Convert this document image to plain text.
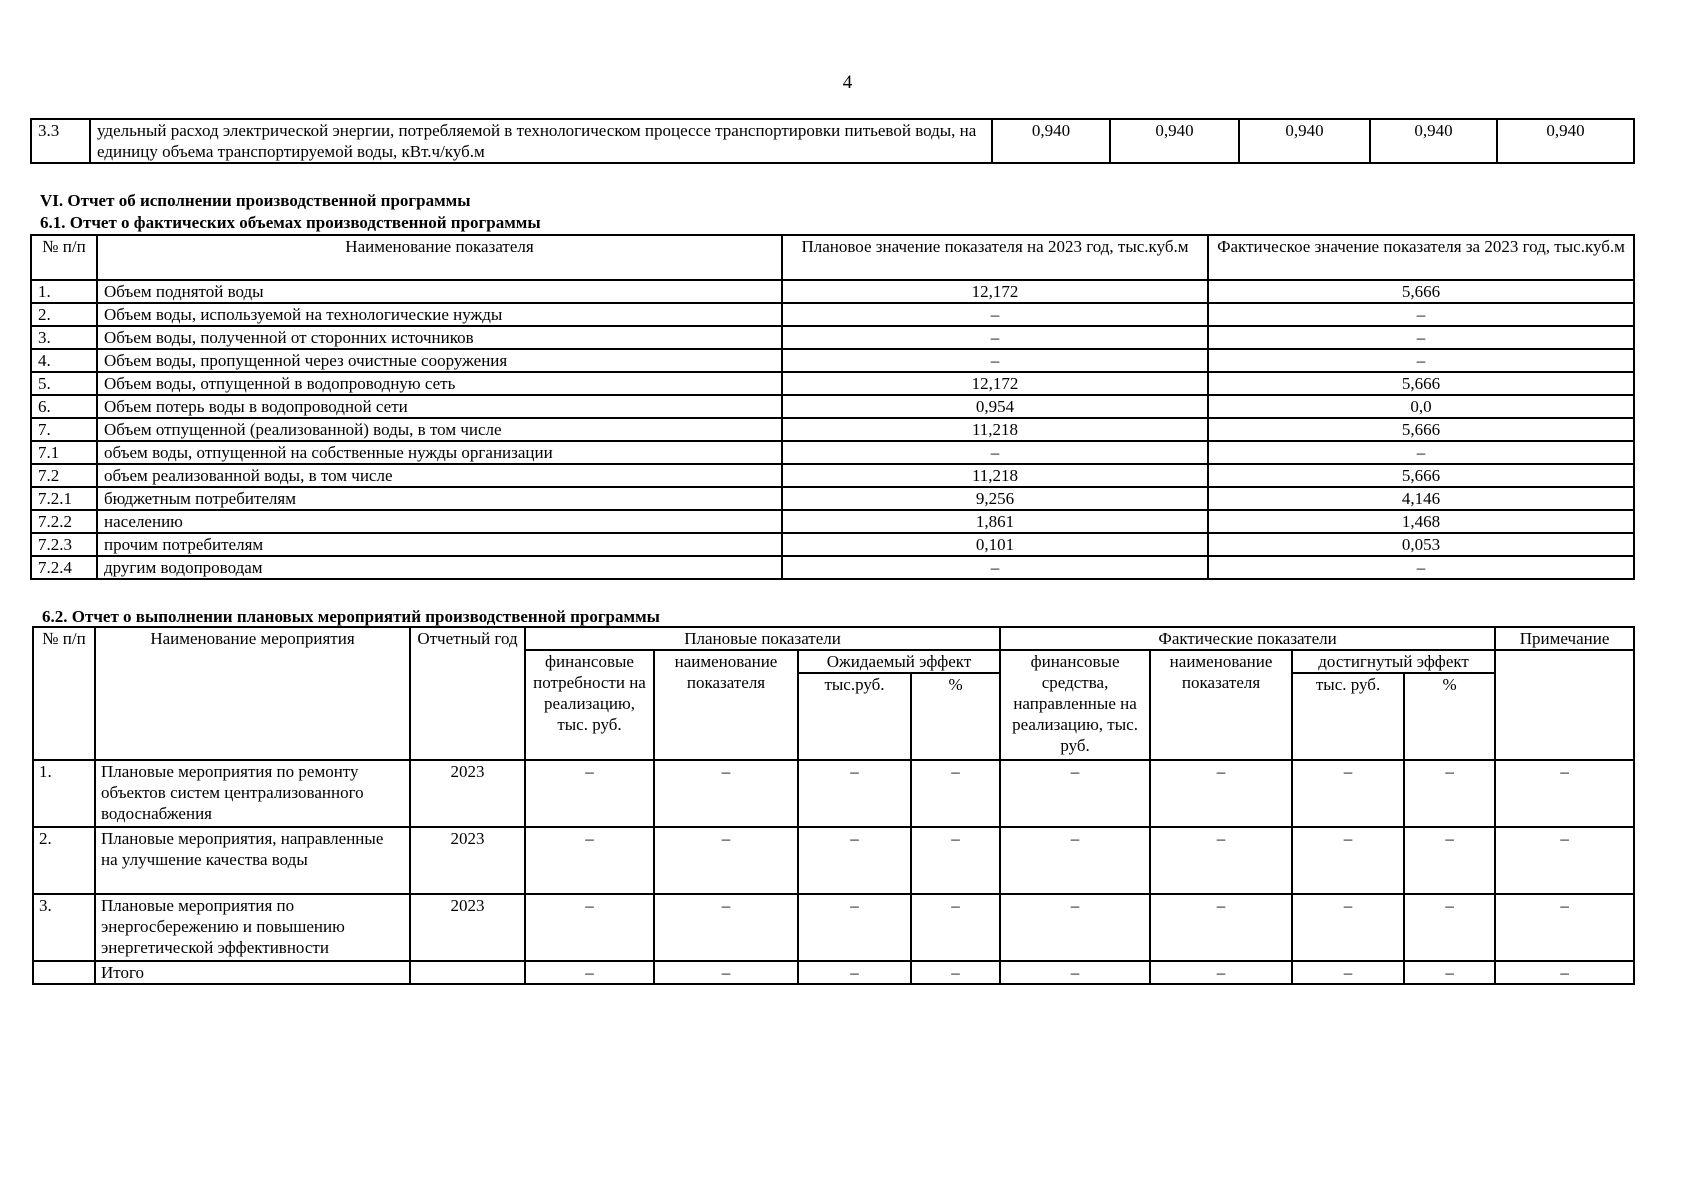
4
3.3	удельный расход электрической энергии, потребляемой в технологическом процессе транспортировки питьевой воды, на единицу объема транспортируемой воды, кВт.ч/куб.м	0,940	0,940	0,940	0,940	0,940
VI. Отчет об исполнении производственной программы
6.1. Отчет о фактических объемах производственной программы
№ п/п	Наименование показателя	Плановое значение показателя на 2023 год, тыс.куб.м	Фактическое значение показателя за 2023 год, тыс.куб.м
1.	Объем поднятой воды	12,172	5,666
2.	Объем воды, используемой на технологические нужды	–	–
3.	Объем воды, полученной от сторонних источников	–	–
4.	Объем воды, пропущенной через очистные сооружения	–	–
5.	Объем воды, отпущенной в водопроводную сеть	12,172	5,666
6.	Объем потерь воды в водопроводной сети	0,954	0,0
7.	Объем отпущенной (реализованной) воды, в том числе	11,218	5,666
7.1	объем воды, отпущенной на собственные нужды организации	–	–
7.2	объем реализованной воды, в том числе	11,218	5,666
7.2.1	бюджетным потребителям	9,256	4,146
7.2.2	населению	1,861	1,468
7.2.3	прочим потребителям	0,101	0,053
7.2.4	другим водопроводам	–	–
6.2. Отчет о выполнении плановых мероприятий производственной программы
№ п/п	Наименование мероприятия	Отчетный год	Плановые показатели				Фактические показатели				Примечание
			финансовые потребности на реализацию, тыс. руб.	наименование показателя	Ожидаемый эффект		финансовые средства, направленные на реализацию, тыс. руб.	наименование показателя	достигнутый эффект		
					тыс.руб.	%			тыс. руб.	%	
1.	Плановые мероприятия по ремонту объектов систем централизованного водоснабжения	2023	–	–	–	–	–	–	–	–	–
2.	Плановые мероприятия, направленные на улучшение качества воды	2023	–	–	–	–	–	–	–	–	–
3.	Плановые мероприятия по энергосбережению и повышению энергетической эффективности	2023	–	–	–	–	–	–	–	–	–
	Итого		–	–	–	–	–	–	–	–	–
